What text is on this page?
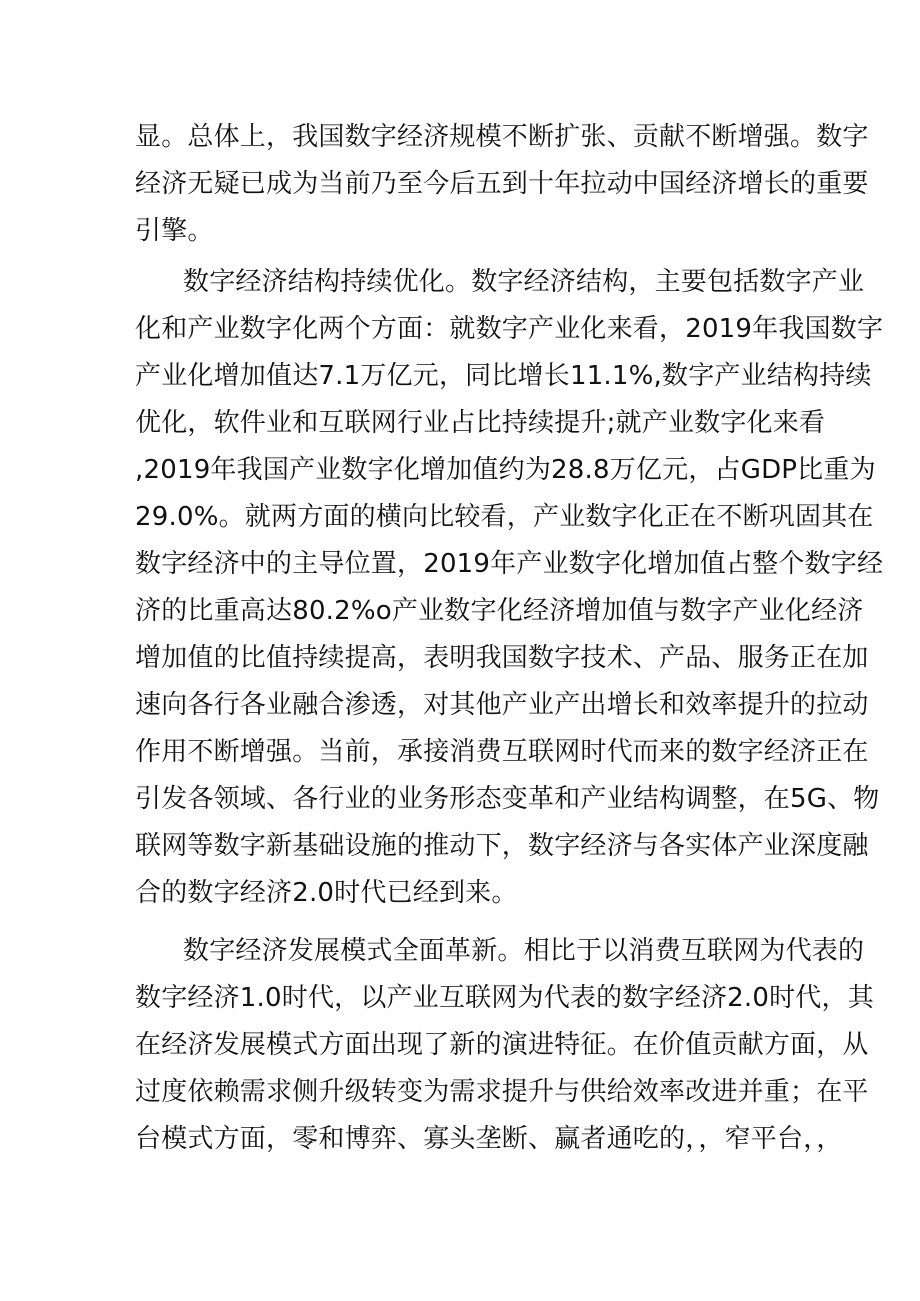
显。总体上，我国数字经济规模不断扩张、贡献不断增强。数字
经济无疑已成为当前乃至今后五到十年拉动中国经济增长的重要
引擎。
数字经济结构持续优化。数字经济结构，主要包括数字产业
化和产业数字化两个方面：就数字产业化来看，2019年我国数字
产业化增加值达7.1万亿元，同比增长11.1%,数字产业结构持续
优化，软件业和互联网行业占比持续提升;就产业数字化来看
,2019年我国产业数字化增加值约为28.8万亿元，占GDP比重为
29.0%。就两方面的横向比较看，产业数字化正在不断巩固其在
数字经济中的主导位置，2019年产业数字化增加值占整个数字经
济的比重高达80.2%o产业数字化经济增加值与数字产业化经济
增加值的比值持续提高，表明我国数字技术、产品、服务正在加
速向各行各业融合渗透，对其他产业产出增长和效率提升的拉动
作用不断增强。当前，承接消费互联网时代而来的数字经济正在
引发各领域、各行业的业务形态变革和产业结构调整，在5G、物
联网等数字新基础设施的推动下，数字经济与各实体产业深度融
合的数字经济2.0时代已经到来。
数字经济发展模式全面革新。相比于以消费互联网为代表的
数字经济1.0时代，以产业互联网为代表的数字经济2.0时代，其
在经济发展模式方面出现了新的演进特征。在价值贡献方面，从
过度依赖需求侧升级转变为需求提升与供给效率改进并重；在平
台模式方面，零和博弈、寡头垄断、赢者通吃的，，窄平台，，
